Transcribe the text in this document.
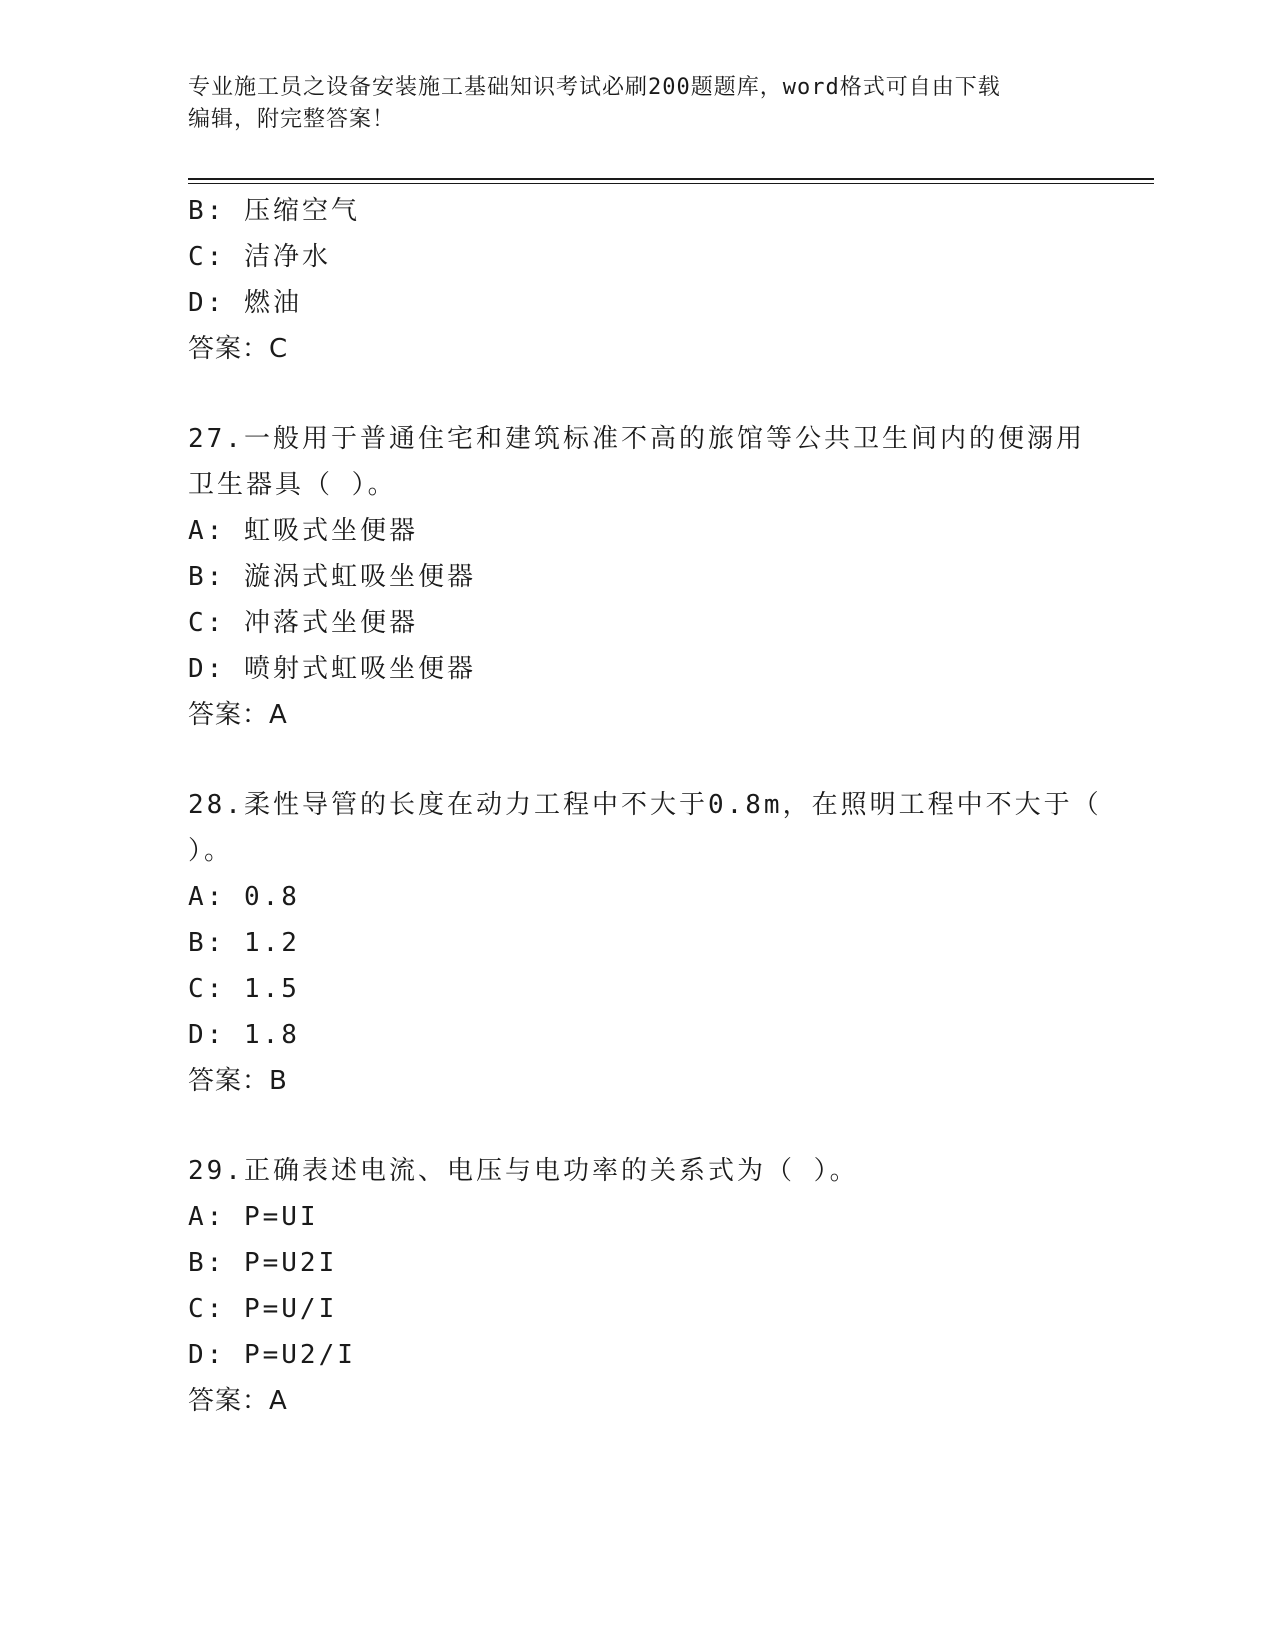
专业施工员之设备安装施工基础知识考试必刷200题题库，word格式可自由下载
编辑，附完整答案！
B: 压缩空气
C: 洁净水
D: 燃油
答案：C
27.一般用于普通住宅和建筑标准不高的旅馆等公共卫生间内的便溺用
卫生器具（ ）。
A: 虹吸式坐便器
B: 漩涡式虹吸坐便器
C: 冲落式坐便器
D: 喷射式虹吸坐便器
答案：A
28.柔性导管的长度在动力工程中不大于0.8m，在照明工程中不大于（
）。
A: 0.8
B: 1.2
C: 1.5
D: 1.8
答案：B
29.正确表述电流、电压与电功率的关系式为（ ）。
A: P=UI
B: P=U2I
C: P=U/I
D: P=U2/I
答案：A
